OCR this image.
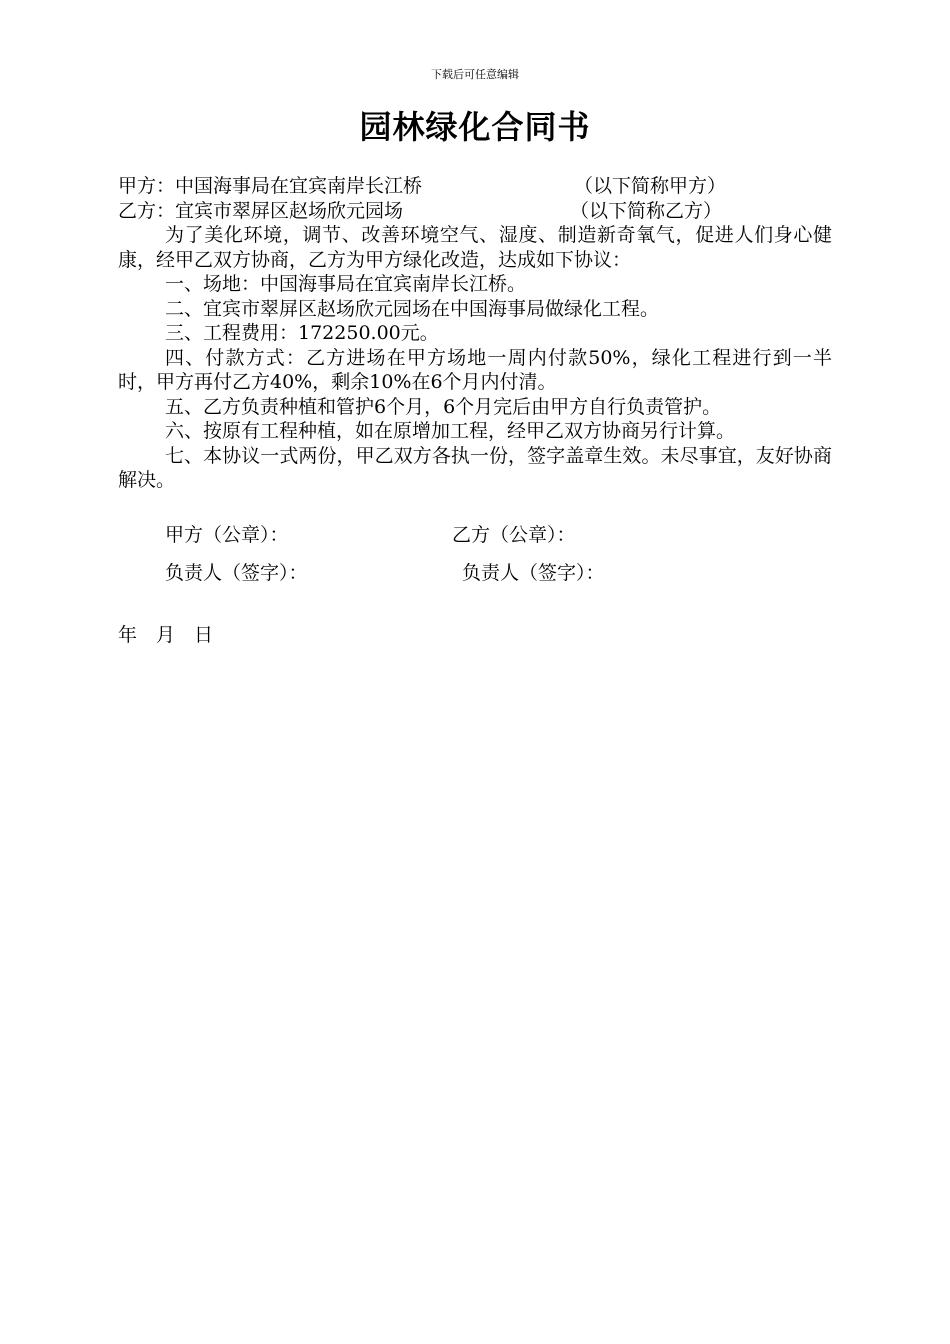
下载后可任意编辑
园林绿化合同书
甲方：中国海事局在宜宾南岸长江桥	（以下简称甲方）
乙方：宜宾市翠屏区赵场欣元园场	（以下简称乙方）

为了美化环境，调节、改善环境空气、湿度、制造新奇氧气，促进人们身心健康，经甲乙双方协商，乙方为甲方绿化改造，达成如下协议：

一、场地：中国海事局在宜宾南岸长江桥。

二、宜宾市翠屏区赵场欣元园场在中国海事局做绿化工程。

三、工程费用：172250.00元。

四、付款方式：乙方进场在甲方场地一周内付款50%，绿化工程进行到一半时，甲方再付乙方40%，剩余10%在6个月内付清。

五、乙方负责种植和管护6个月，6个月完后由甲方自行负责管护。

六、按原有工程种植，如在原增加工程，经甲乙双方协商另行计算。

七、本协议一式两份，甲乙双方各执一份，签字盖章生效。未尽事宜，友好协商解决。

甲方（公章）：	乙方（公章）：
负责人（签字）：	负责人（签字）：
年　月　日
